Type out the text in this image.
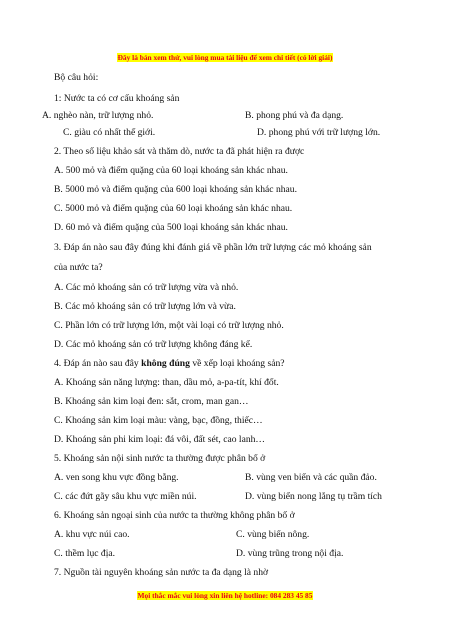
Đây là bản xem thử, vui lòng mua tài liệu để xem chi tiết (có lời giải)
Bộ câu hỏi:
1: Nước ta có cơ cấu khoáng sản
A. nghèo nàn, trữ lượng nhỏ.	B. phong phú và đa dạng.
C. giàu có nhất thế giới.	D. phong phú với trữ lượng lớn.
2. Theo số liệu khảo sát và thăm dò, nước ta đã phát hiện ra được
A. 500 mỏ và điểm quặng của 60 loại khoáng sản khác nhau.
B. 5000 mỏ và điểm quặng của 600 loại khoáng sản khác nhau.
C. 5000 mỏ và điểm quặng của 60 loại khoáng sản khác nhau.
D. 60 mỏ và điểm quặng của 500 loại khoáng sản khác nhau.
3. Đáp án nào sau đây đúng khi đánh giá về phần lớn trữ lượng các mỏ khoáng sản
của nước ta?
A. Các mỏ khoáng sản có trữ lượng vừa và nhỏ.
B. Các mỏ khoáng sản có trữ lượng lớn và vừa.
C. Phần lớn có trữ lượng lớn, một vài loại có trữ lượng nhỏ.
D. Các mỏ khoáng sản có trữ lượng không đáng kể.
4. Đáp án nào sau đây không đúng về xếp loại khoáng sản?
A. Khoáng sản năng lượng: than, dầu mỏ, a-pa-tít, khí đốt.
B. Khoáng sản kim loại đen: sắt, crom, man gan…
C. Khoáng sản kim loại màu: vàng, bạc, đồng, thiếc…
D. Khoáng sản phi kim loại: đá vôi, đất sét, cao lanh…
5. Khoáng sản nội sinh nước ta thường được phân bố ở
A. ven song khu vực đồng bằng.	B. vùng ven biển và các quần đảo.
C. các đứt gãy sâu khu vực miền núi.	D. vùng biển nong lắng tụ trầm tích
6. Khoáng sản ngoại sinh của nước ta thường không phân bố ở
A. khu vực núi cao.	C. vùng biển nông.
C. thềm lục địa.	D. vùng trũng trong nội địa.
7. Nguồn tài nguyên khoáng sản nước ta đa dạng là nhờ
Mọi thắc mắc vui lòng xin liên hệ hotline: 084 283 45 85
